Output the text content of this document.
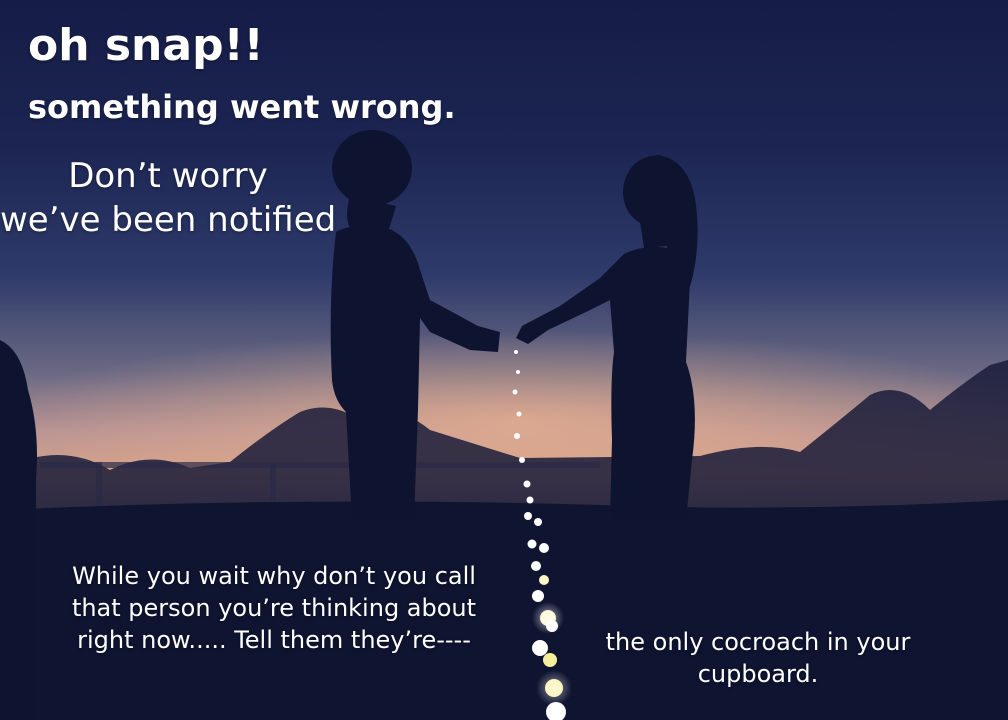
oh snap!!
something went wrong.
Don’t worry
we’ve been notified

While you wait why don’t you call that person you’re thinking about right now..... Tell them they’re----	the only cocroach in your cupboard.
